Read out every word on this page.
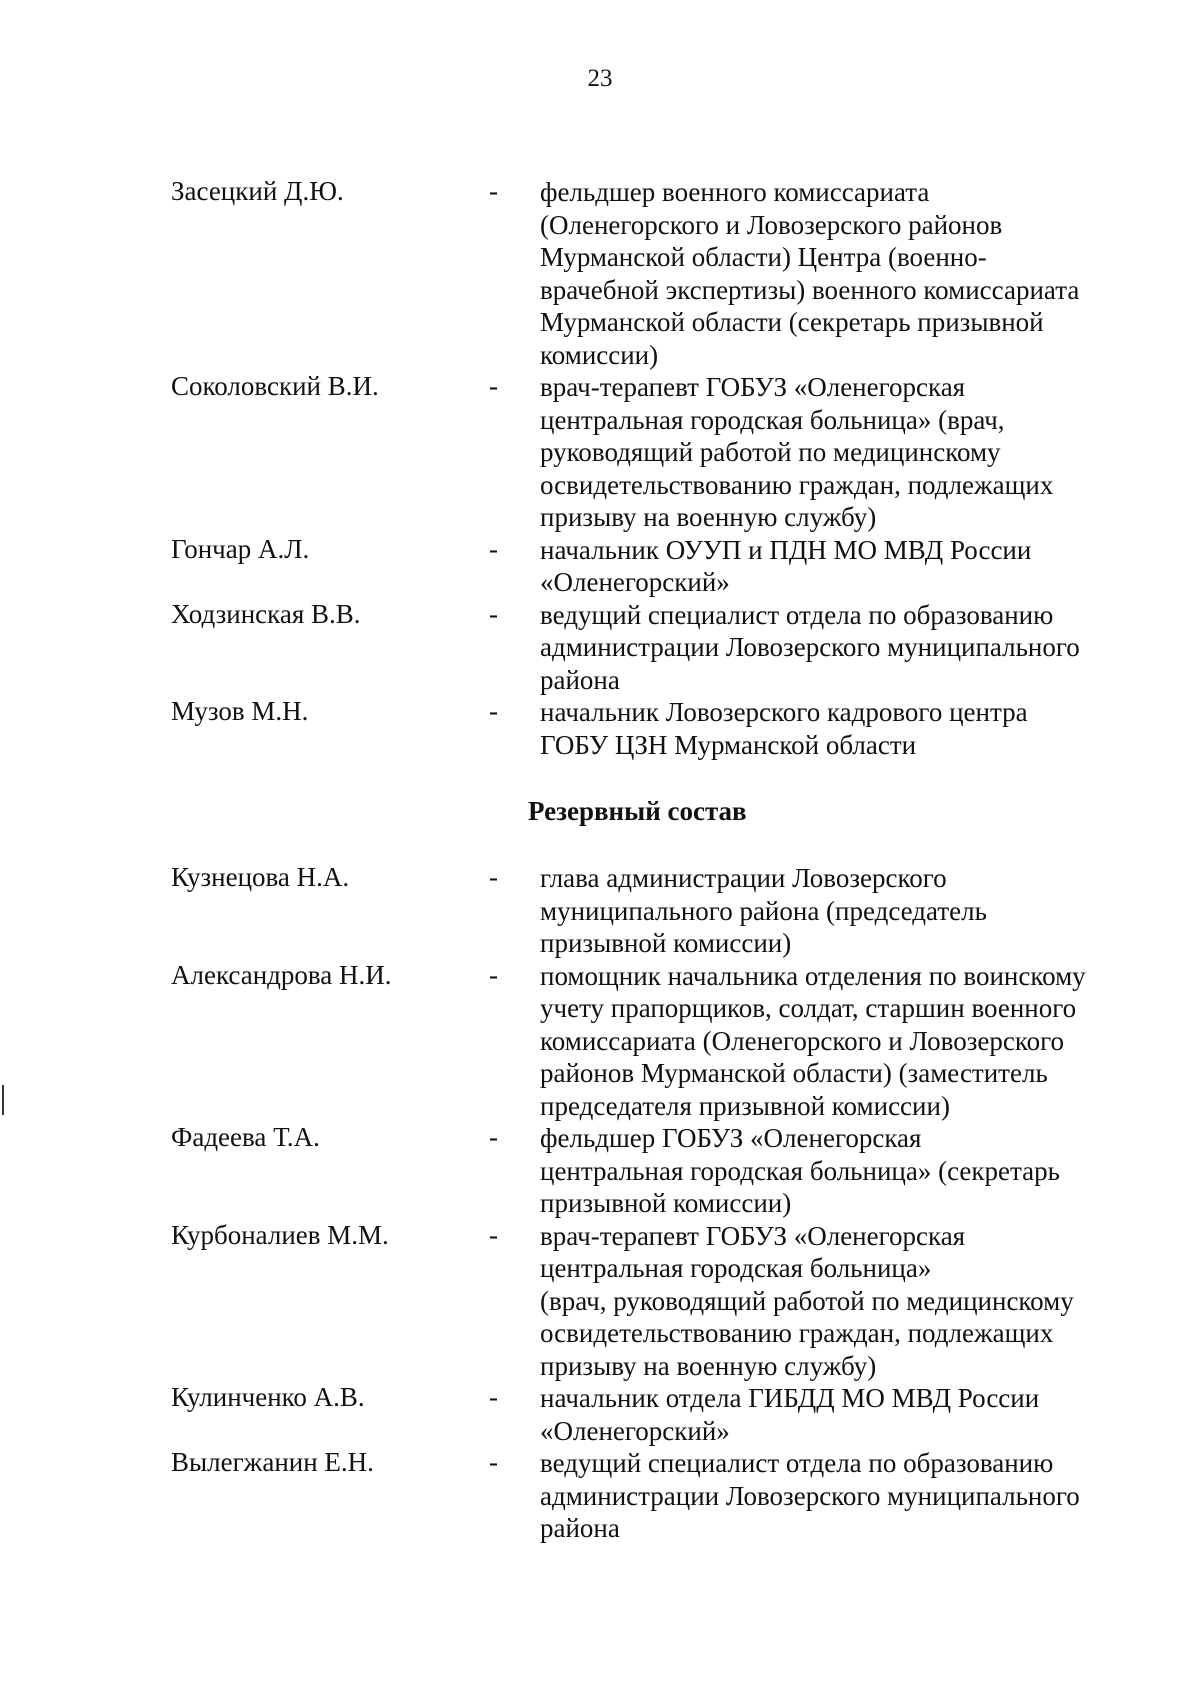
23
Засецкий Д.Ю.	- фельдшер военного комиссариата
(Оленегорского и Ловозерского районов
Мурманской области) Центра (военно-
врачебной экспертизы) военного комиссариата
Мурманской области (секретарь призывной
комиссии)
Соколовский В.И.	- врач-терапевт ГОБУЗ «Оленегорская
центральная городская больница» (врач,
руководящий работой по медицинскому
освидетельствованию граждан, подлежащих
призыву на военную службу)
Гончар А.Л.	- начальник ОУУП и ПДН МО МВД России
«Оленегорский»
Ходзинская В.В.	- ведущий специалист отдела по образованию
администрации Ловозерского муниципального
района
Музов М.Н.	- начальник Ловозерского кадрового центра
ГОБУ ЦЗН Мурманской области
Резервный состав
Кузнецова Н.А.	- глава администрации Ловозерского
муниципального района (председатель
призывной комиссии)
Александрова Н.И.	- помощник начальника отделения по воинскому
учету прапорщиков, солдат, старшин военного
комиссариата (Оленегорского и Ловозерского
районов Мурманской области) (заместитель
председателя призывной комиссии)
Фадеева Т.А.	- фельдшер ГОБУЗ «Оленегорская
центральная городская больница» (секретарь
призывной комиссии)
Курбоналиев М.М.	- врач-терапевт ГОБУЗ «Оленегорская
центральная городская больница»
(врач, руководящий работой по медицинскому
освидетельствованию граждан, подлежащих
призыву на военную службу)
Кулинченко А.В.	- начальник отдела ГИБДД МО МВД России
«Оленегорский»
Вылегжанин Е.Н.	- ведущий специалист отдела по образованию
администрации Ловозерского муниципального
района
